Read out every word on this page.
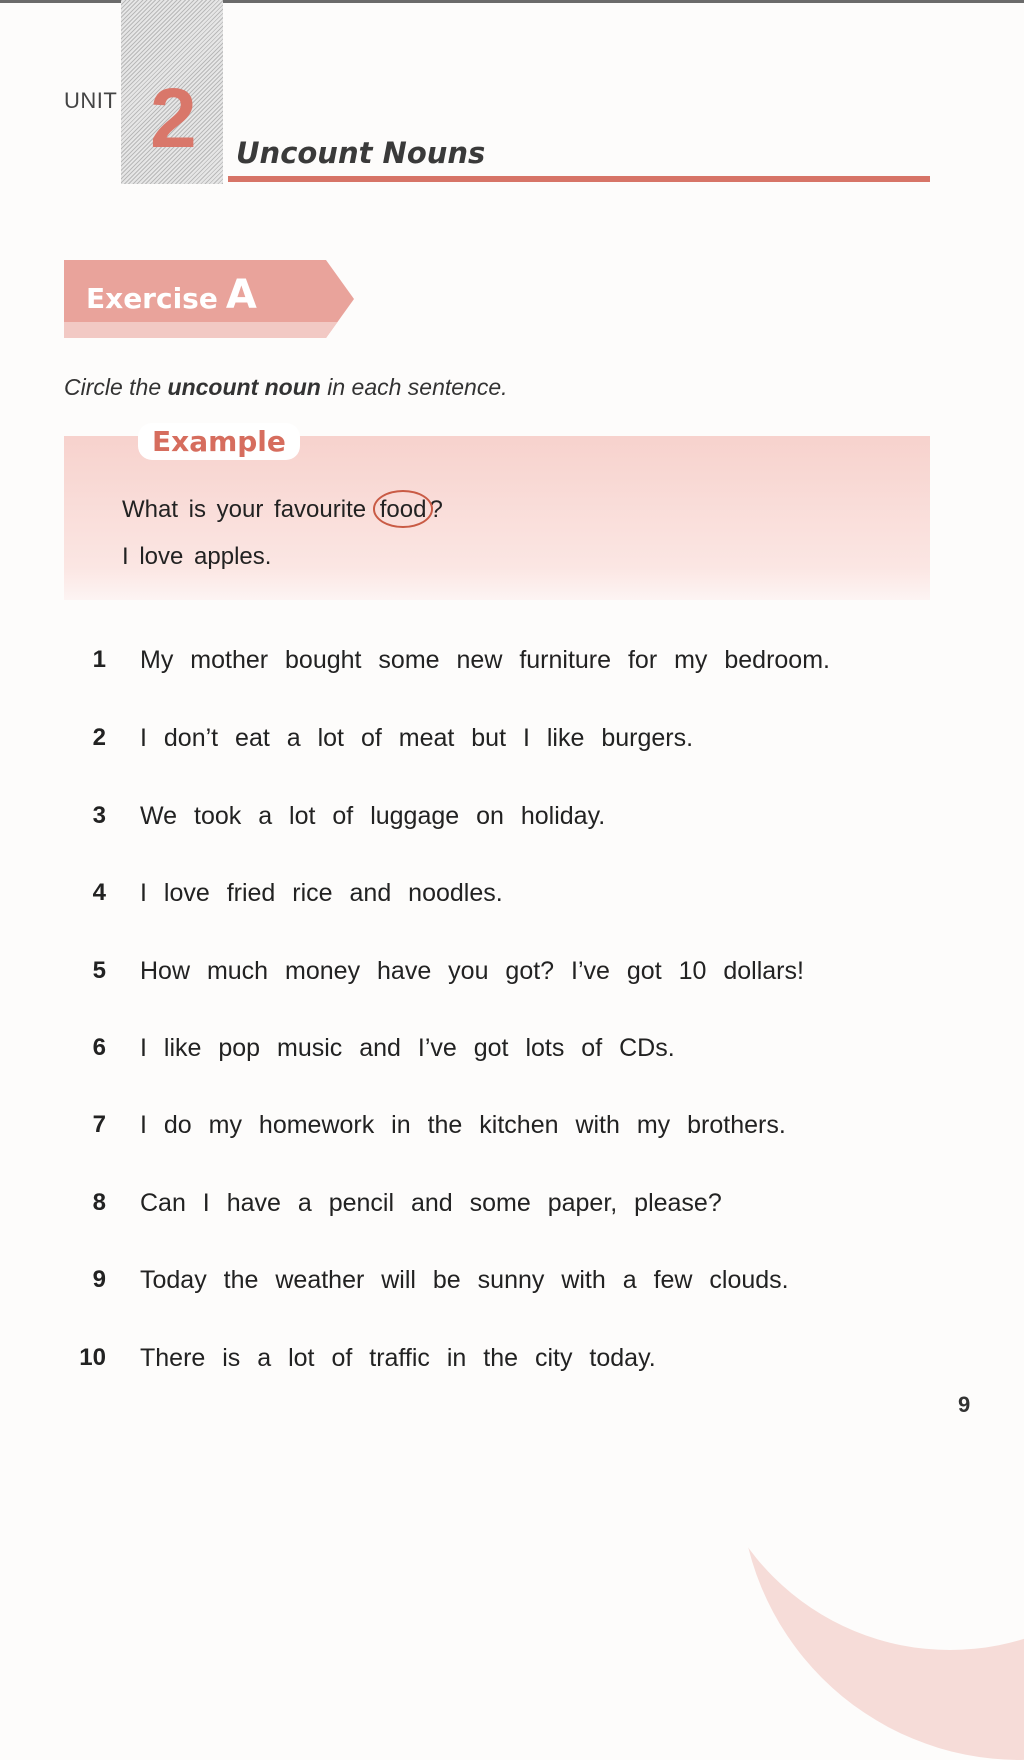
UNIT 2 Uncount Nouns
Exercise A
Circle the uncount noun in each sentence.
Example
What is your favourite food ?
I love apples.
1 My mother bought some new furniture for my bedroom.
2 I don’t eat a lot of meat but I like burgers.
3 We took a lot of luggage on holiday.
4 I love fried rice and noodles.
5 How much money have you got? I’ve got 10 dollars!
6 I like pop music and I’ve got lots of CDs.
7 I do my homework in the kitchen with my brothers.
8 Can I have a pencil and some paper, please?
9 Today the weather will be sunny with a few clouds.
10 There is a lot of traffic in the city today.
9
